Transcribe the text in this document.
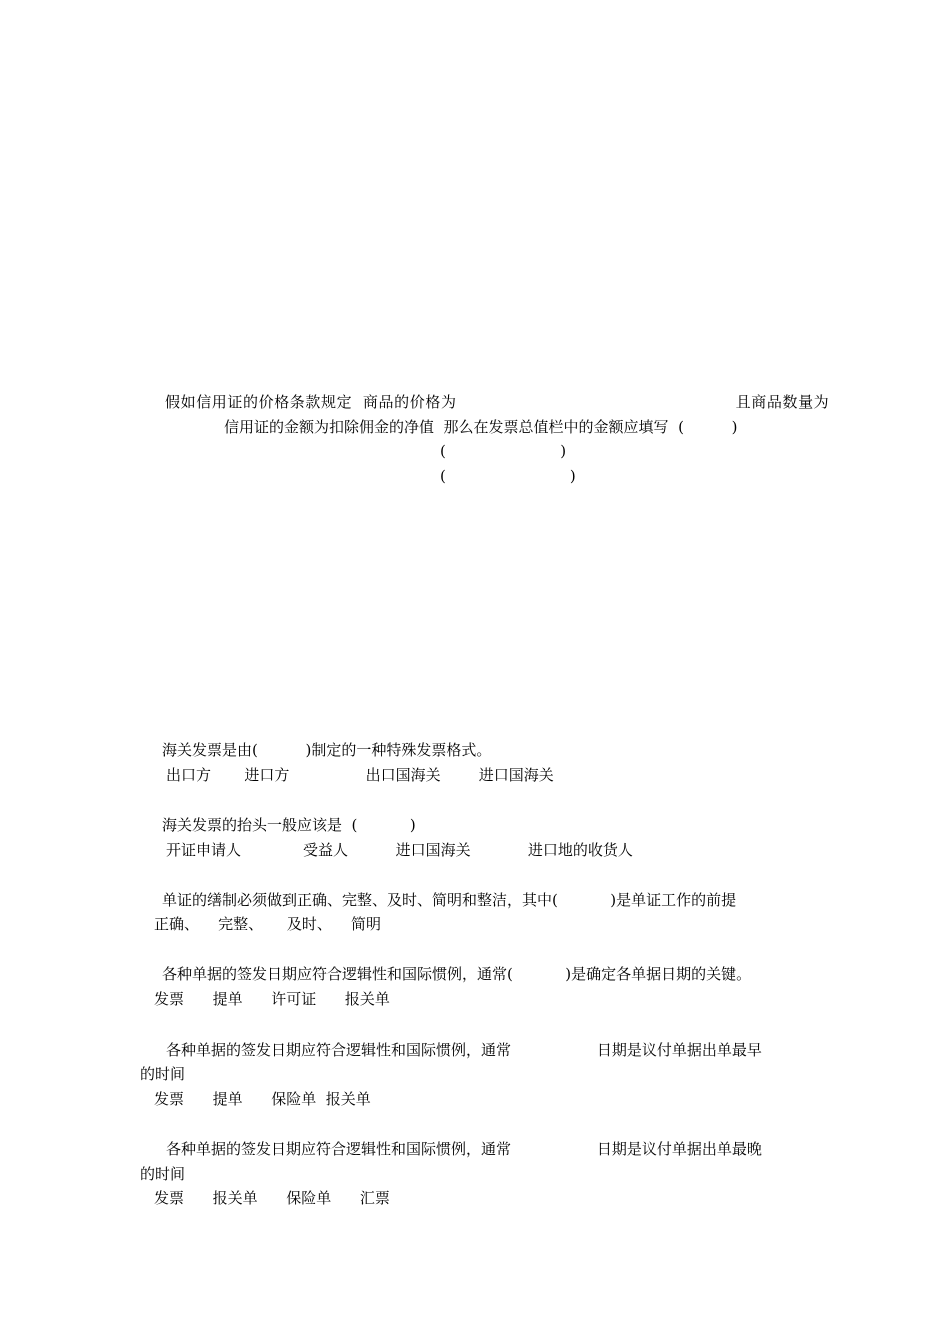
假如信用证的价格条款规定  商品的价格为                                                    且商品数量为
信用证的金额为扣除佣金的净值  那么在发票总值栏中的金额应填写  (          )
(                        )
(                          )
海关发票是由(          )制定的一种特殊发票格式。
出口方       进口方                出口国海关        进口国海关
海关发票的抬头一般应该是  (           )
开证申请人             受益人          进口国海关            进口地的收货人
单证的缮制必须做到正确、完整、及时、简明和整洁，其中(           )是单证工作的前提
正确、    完整、     及时、    简明
各种单据的签发日期应符合逻辑性和国际惯例，通常(           )是确定各单据日期的关键。
发票      提单      许可证      报关单
各种单据的签发日期应符合逻辑性和国际惯例，通常                  日期是议付单据出单最早
的时间
发票      提单      保险单  报关单
各种单据的签发日期应符合逻辑性和国际惯例，通常                  日期是议付单据出单最晚
的时间
发票      报关单      保险单      汇票
